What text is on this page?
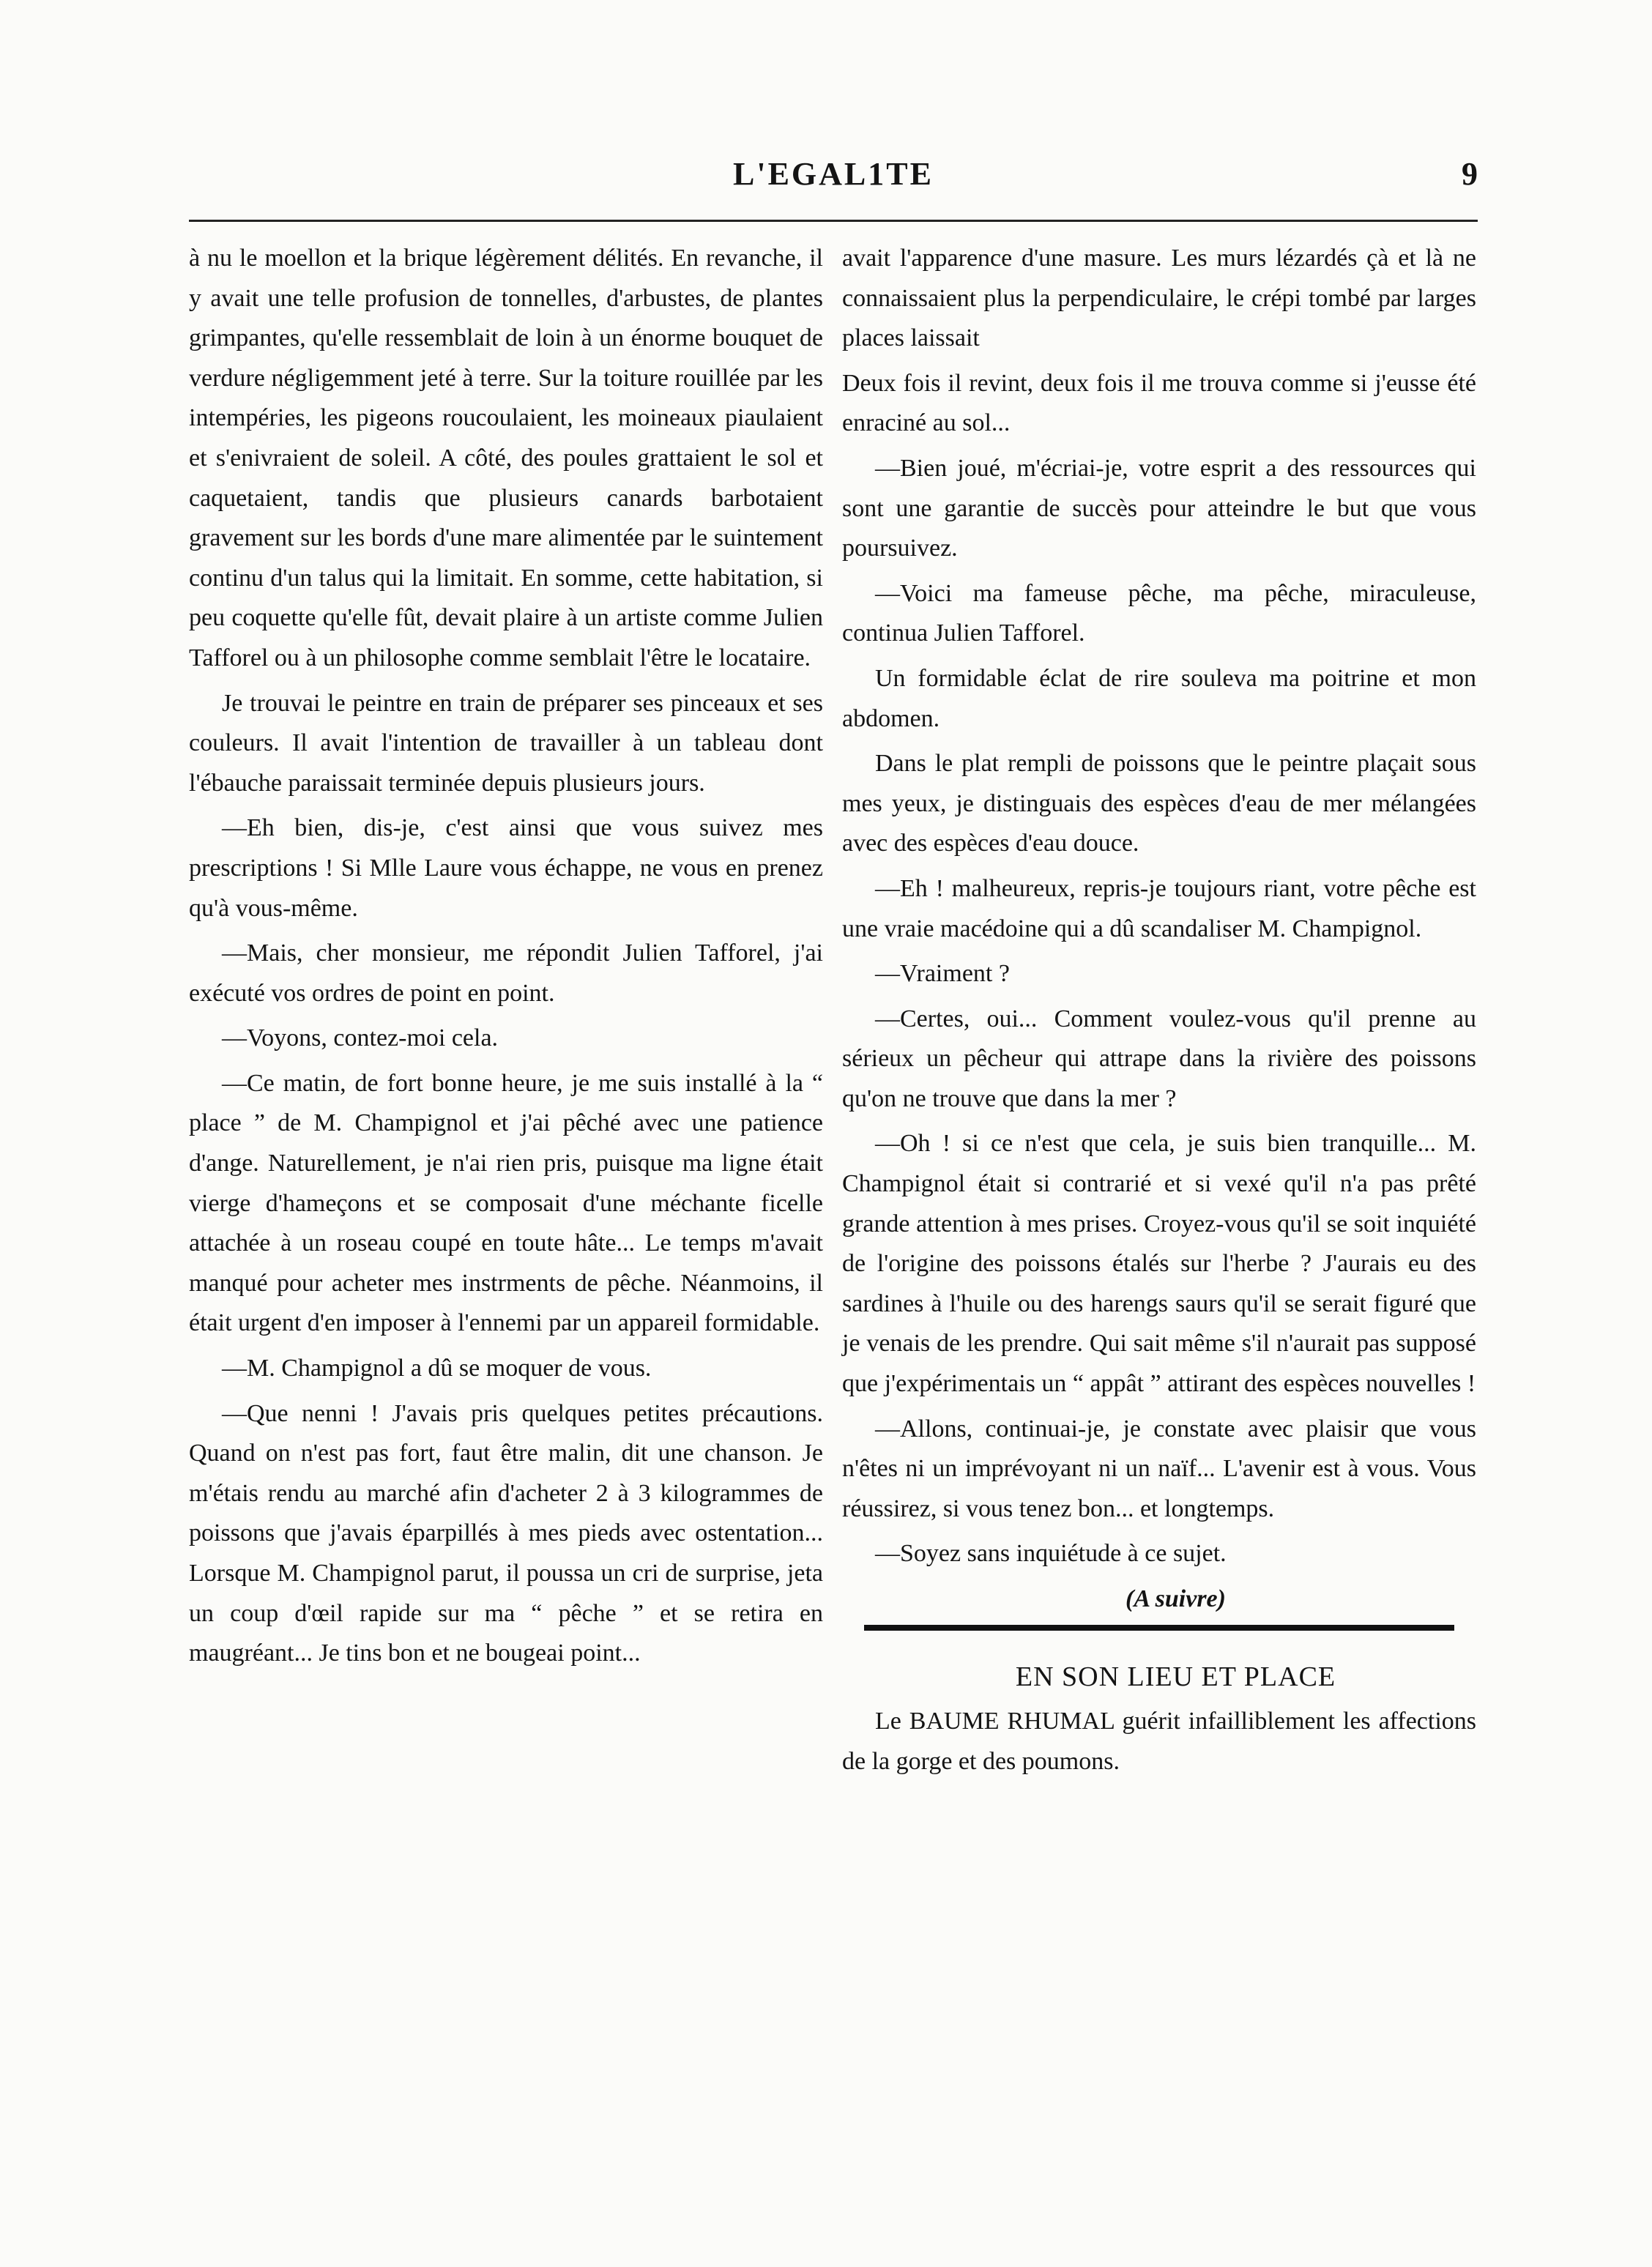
L'EGAL1TE	9

à nu le moellon et la brique légèrement délités. En revanche, il y avait une telle profusion de tonnelles, d'arbustes, de plantes grimpantes, qu'elle ressemblait de loin à un énorme bouquet de verdure négligemment jeté à terre. Sur la toiture rouillée par les intempéries, les pigeons roucoulaient, les moineaux piaulaient et s'enivraient de soleil. A côté, des poules grattaient le sol et caquetaient, tandis que plusieurs canards barbotaient gravement sur les bords d'une mare alimentée par le suintement continu d'un talus qui la limitait. En somme, cette habitation, si peu coquette qu'elle fût, devait plaire à un artiste comme Julien Tafforel ou à un philosophe comme semblait l'être le locataire.

Je trouvai le peintre en train de préparer ses pinceaux et ses couleurs. Il avait l'intention de travailler à un tableau dont l'ébauche paraissait terminée depuis plusieurs jours.

—Eh bien, dis-je, c'est ainsi que vous suivez mes prescriptions ! Si Mlle Laure vous échappe, ne vous en prenez qu'à vous-même.

—Mais, cher monsieur, me répondit Julien Tafforel, j'ai exécuté vos ordres de point en point.

—Voyons, contez-moi cela.

—Ce matin, de fort bonne heure, je me suis installé à la “ place ” de M. Champignol et j'ai pêché avec une patience d'ange. Naturellement, je n'ai rien pris, puisque ma ligne était vierge d'hameçons et se composait d'une méchante ficelle attachée à un roseau coupé en toute hâte... Le temps m'avait manqué pour acheter mes instrments de pêche. Néanmoins, il était urgent d'en imposer à l'ennemi par un appareil formidable.

—M. Champignol a dû se moquer de vous.

—Que nenni ! J'avais pris quelques petites précautions. Quand on n'est pas fort, faut être malin, dit une chanson. Je m'étais rendu au marché afin d'acheter 2 à 3 kilogrammes de poissons que j'avais éparpillés à mes pieds avec ostentation... Lorsque M. Champignol parut, il poussa un cri de surprise, jeta un coup d'œil rapide sur ma “ pêche ” et se retira en maugréant... Je tins bon et ne bougeai point...

avait l'apparence d'une masure. Les murs lézardés çà et là ne connaissaient plus la perpendiculaire, le crépi tombé par larges places laissait

Deux fois il revint, deux fois il me trouva comme si j'eusse été enraciné au sol...

—Bien joué, m'écriai-je, votre esprit a des ressources qui sont une garantie de succès pour atteindre le but que vous poursuivez.

—Voici ma fameuse pêche, ma pêche, miraculeuse, continua Julien Tafforel.

Un formidable éclat de rire souleva ma poitrine et mon abdomen.

Dans le plat rempli de poissons que le peintre plaçait sous mes yeux, je distinguais des espèces d'eau de mer mélangées avec des espèces d'eau douce.

—Eh ! malheureux, repris-je toujours riant, votre pêche est une vraie macédoine qui a dû scandaliser M. Champignol.

—Vraiment ?

—Certes, oui... Comment voulez-vous qu'il prenne au sérieux un pêcheur qui attrape dans la rivière des poissons qu'on ne trouve que dans la mer ?

—Oh ! si ce n'est que cela, je suis bien tranquille... M. Champignol était si contrarié et si vexé qu'il n'a pas prêté grande attention à mes prises. Croyez-vous qu'il se soit inquiété de l'origine des poissons étalés sur l'herbe ? J'aurais eu des sardines à l'huile ou des harengs saurs qu'il se serait figuré que je venais de les prendre. Qui sait même s'il n'aurait pas supposé que j'expérimentais un “ appât ” attirant des espèces nouvelles !

—Allons, continuai-je, je constate avec plaisir que vous n'êtes ni un imprévoyant ni un naïf... L'avenir est à vous. Vous réussirez, si vous tenez bon... et longtemps.

—Soyez sans inquiétude à ce sujet.

(A suivre)

EN SON LIEU ET PLACE

Le BAUME RHUMAL guérit infailliblement les affections de la gorge et des poumons.
